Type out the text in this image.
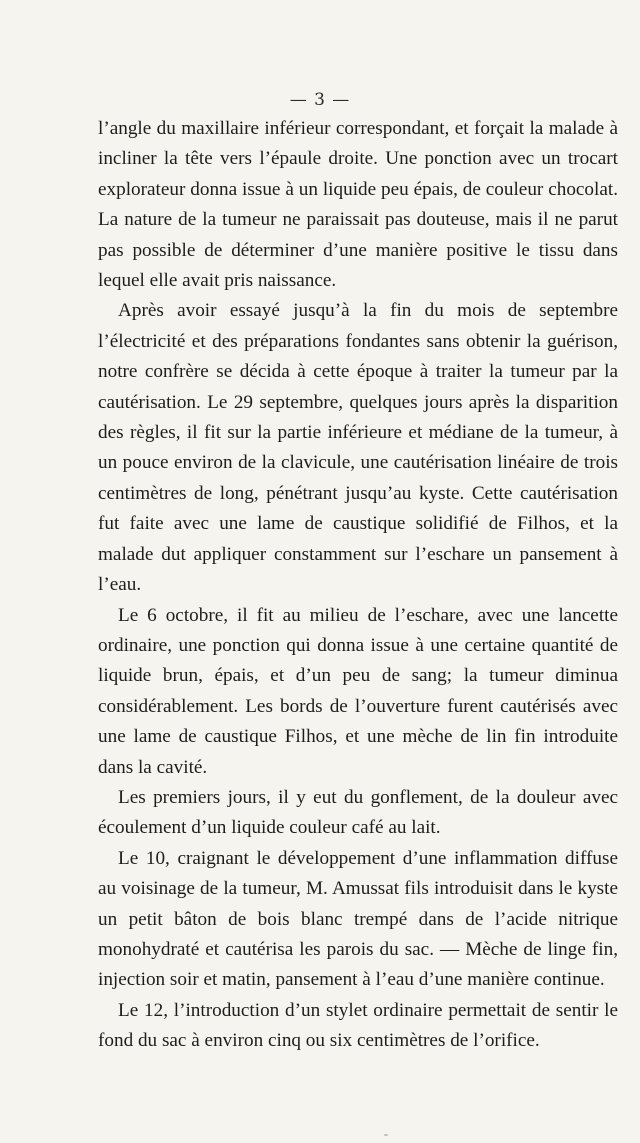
— 3 —

l’angle du maxillaire inférieur correspondant, et forçait la malade à incliner la tête vers l’épaule droite. Une ponction avec un trocart explorateur donna issue à un liquide peu épais, de couleur chocolat. La nature de la tumeur ne paraissait pas douteuse, mais il ne parut pas possible de déterminer d’une manière positive le tissu dans lequel elle avait pris naissance.

Après avoir essayé jusqu’à la fin du mois de septembre l’électricité et des préparations fondantes sans obtenir la guérison, notre confrère se décida à cette époque à traiter la tumeur par la cautérisation. Le 29 septembre, quelques jours après la disparition des règles, il fit sur la partie inférieure et médiane de la tumeur, à un pouce environ de la clavicule, une cautérisation linéaire de trois centimètres de long, pénétrant jusqu’au kyste. Cette cautérisation fut faite avec une lame de caustique solidifié de Filhos, et la malade dut appliquer constamment sur l’eschare un pansement à l’eau.

Le 6 octobre, il fit au milieu de l’eschare, avec une lancette ordinaire, une ponction qui donna issue à une certaine quantité de liquide brun, épais, et d’un peu de sang; la tumeur diminua considérablement. Les bords de l’ouverture furent cautérisés avec une lame de caustique Filhos, et une mèche de lin fin introduite dans la cavité.

Les premiers jours, il y eut du gonflement, de la douleur avec écoulement d’un liquide couleur café au lait.

Le 10, craignant le développement d’une inflammation diffuse au voisinage de la tumeur, M. Amussat fils introduisit dans le kyste un petit bâton de bois blanc trempé dans de l’acide nitrique monohydraté et cautérisa les parois du sac. — Mèche de linge fin, injection soir et matin, pansement à l’eau d’une manière continue.

Le 12, l’introduction d’un stylet ordinaire permettait de sentir le fond du sac à environ cinq ou six centimètres de l’orifice.
